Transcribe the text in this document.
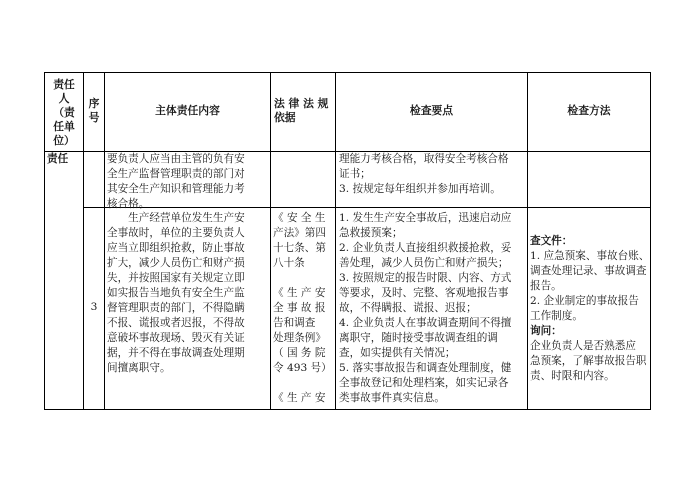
责任
人
（责
任单
位）
序
号
主体责任内容
法 律 法 规
依据
检查要点	检查方法
责任	要负责人应当由主管的负有安
全生产监督管理职责的部门对
其安全生产知识和管理能力考
核合格。
理能力考核合格，取得安全考核合格
证书；
3. 按规定每年组织并参加再培训。
3
　　生产经营单位发生生产安
全事故时，单位的主要负责人
应当立即组织抢救，防止事故
扩大，减少人员伤亡和财产损
失，并按照国家有关规定立即
如实报告当地负有安全生产监
督管理职责的部门，不得隐瞒
不报、谎报或者迟报，不得故
意破坏事故现场、毁灭有关证
据，并不得在事故调查处理期
间擅离职守。
《 安 全 生
产法》第四
十七条、第
八十条

《 生 产 安
全 事 故 报
告和调查
处理条例》
（ 国 务 院
令 493 号）

《 生 产 安
1. 发生生产安全事故后，迅速启动应
急救援预案；
2. 企业负责人直接组织救援抢救，妥
善处理，减少人员伤亡和财产损失；
3. 按照规定的报告时限、内容、方式
等要求，及时、完整、客观地报告事
故，不得瞒报、谎报、迟报；
4. 企业负责人在事故调查期间不得擅
离职守，随时接受事故调查组的调
查，如实提供有关情况；
5. 落实事故报告和调查处理制度，健
全事故登记和处理档案，如实记录各
类事故事件真实信息。
查文件：
1. 应急预案、事故台账、
调查处理记录、事故调查
报告。
2. 企业制定的事故报告
工作制度。
询问：
企业负责人是否熟悉应
急预案，了解事故报告职
责、时限和内容。
